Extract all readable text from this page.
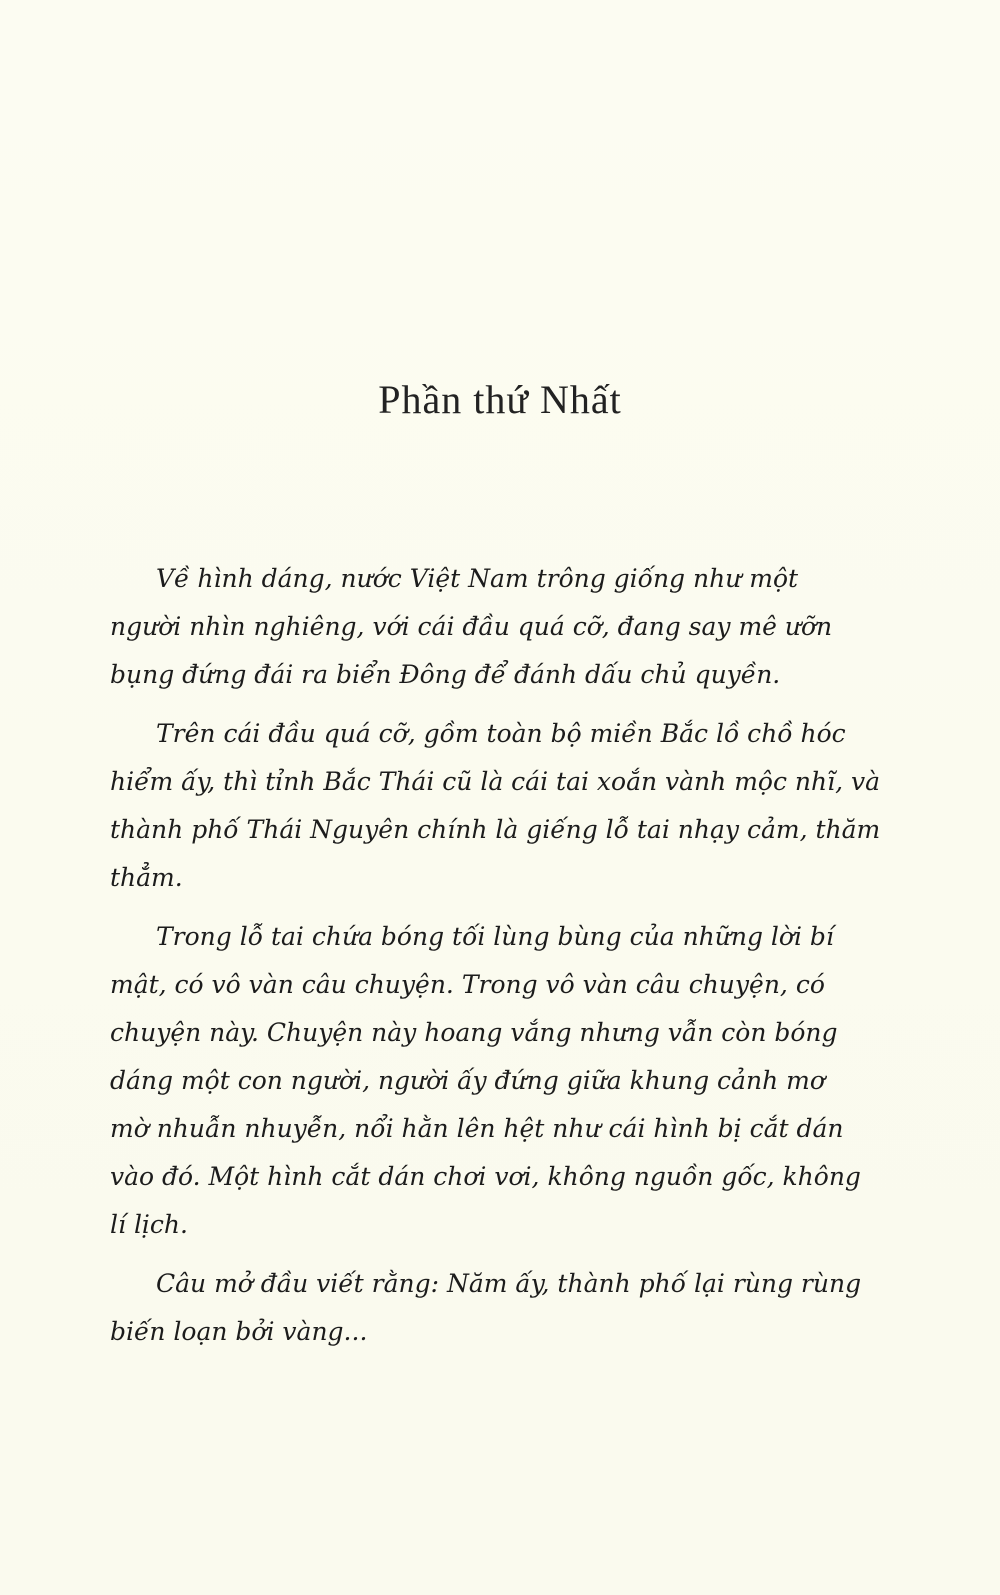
Phần thứ Nhất
Về hình dáng, nước Việt Nam trông giống như một
người nhìn nghiêng, với cái đầu quá cỡ, đang say mê ưỡn
bụng đứng đái ra biển Đông để đánh dấu chủ quyền.
Trên cái đầu quá cỡ, gồm toàn bộ miền Bắc lồ chồ hóc
hiểm ấy, thì tỉnh Bắc Thái cũ là cái tai xoắn vành mộc nhĩ, và
thành phố Thái Nguyên chính là giếng lỗ tai nhạy cảm, thăm
thẳm.
Trong lỗ tai chứa bóng tối lùng bùng của những lời bí
mật, có vô vàn câu chuyện. Trong vô vàn câu chuyện, có
chuyện này. Chuyện này hoang vắng nhưng vẫn còn bóng
dáng một con người, người ấy đứng giữa khung cảnh mơ
mờ nhuẫn nhuyễn, nổi hằn lên hệt như cái hình bị cắt dán
vào đó. Một hình cắt dán chơi vơi, không nguồn gốc, không
lí lịch.
Câu mở đầu viết rằng: Năm ấy, thành phố lại rùng rùng
biến loạn bởi vàng...
